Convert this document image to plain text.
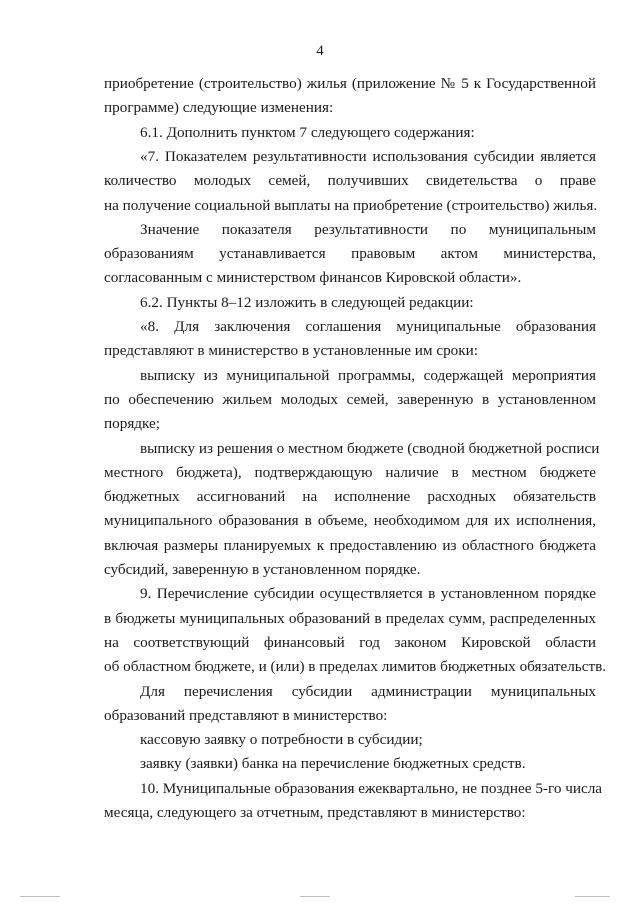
4
приобретение (строительство) жилья (приложение № 5 к Государственной
программе) следующие изменения:
6.1. Дополнить пунктом 7 следующего содержания:
«7. Показателем результативности использования субсидии является
количество молодых семей, получивших свидетельства о праве
на получение социальной выплаты на приобретение (строительство) жилья.
Значение показателя результативности по муниципальным
образованиям устанавливается правовым актом министерства,
согласованным с министерством финансов Кировской области».
6.2. Пункты 8–12 изложить в следующей редакции:
«8. Для заключения соглашения муниципальные образования
представляют в министерство в установленные им сроки:
выписку из муниципальной программы, содержащей мероприятия
по обеспечению жильем молодых семей, заверенную в установленном
порядке;
выписку из решения о местном бюджете (сводной бюджетной росписи
местного бюджета), подтверждающую наличие в местном бюджете
бюджетных ассигнований на исполнение расходных обязательств
муниципального образования в объеме, необходимом для их исполнения,
включая размеры планируемых к предоставлению из областного бюджета
субсидий, заверенную в установленном порядке.
9. Перечисление субсидии осуществляется в установленном порядке
в бюджеты муниципальных образований в пределах сумм, распределенных
на соответствующий финансовый год законом Кировской области
об областном бюджете, и (или) в пределах лимитов бюджетных обязательств.
Для перечисления субсидии администрации муниципальных
образований представляют в министерство:
кассовую заявку о потребности в субсидии;
заявку (заявки) банка на перечисление бюджетных средств.
10. Муниципальные образования ежеквартально, не позднее 5-го числа
месяца, следующего за отчетным, представляют в министерство:
